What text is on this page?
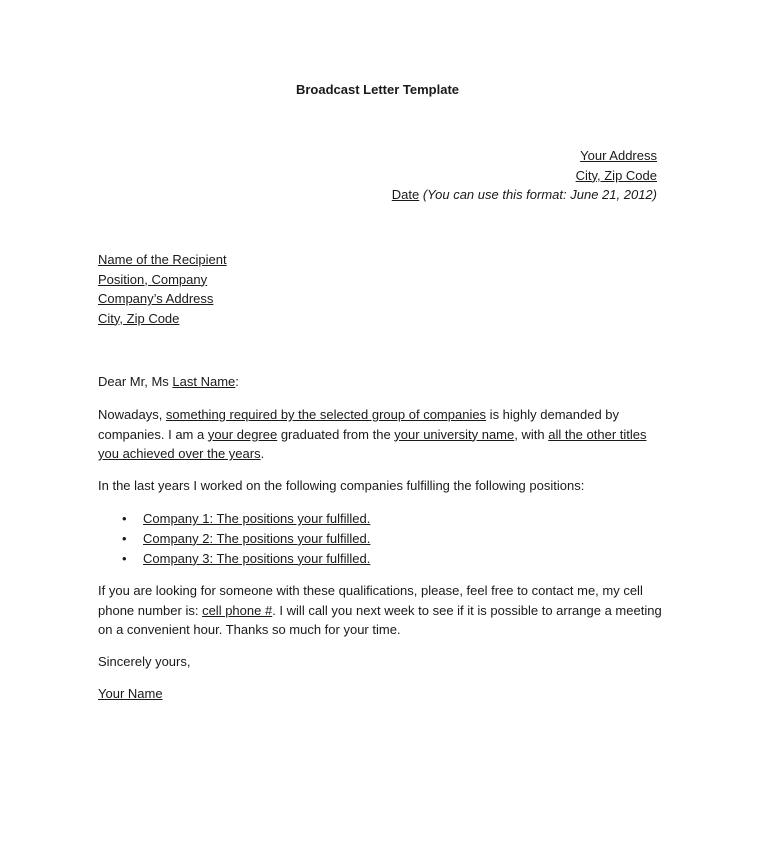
Broadcast Letter Template
Your Address
City, Zip Code
Date (You can use this format: June 21, 2012)
Name of the Recipient
Position, Company
Company’s Address
City, Zip Code
Dear Mr, Ms Last Name:
Nowadays, something required by the selected group of companies is highly demanded by
companies. I am a your degree graduated from the your university name, with all the other titles
you achieved over the years.
In the last years I worked on the following companies fulfilling the following positions:
• Company 1: The positions your fulfilled.
• Company 2: The positions your fulfilled.
• Company 3: The positions your fulfilled.
If you are looking for someone with these qualifications, please, feel free to contact me, my cell
phone number is: cell phone #. I will call you next week to see if it is possible to arrange a meeting
on a convenient hour. Thanks so much for your time.
Sincerely yours,
Your Name
